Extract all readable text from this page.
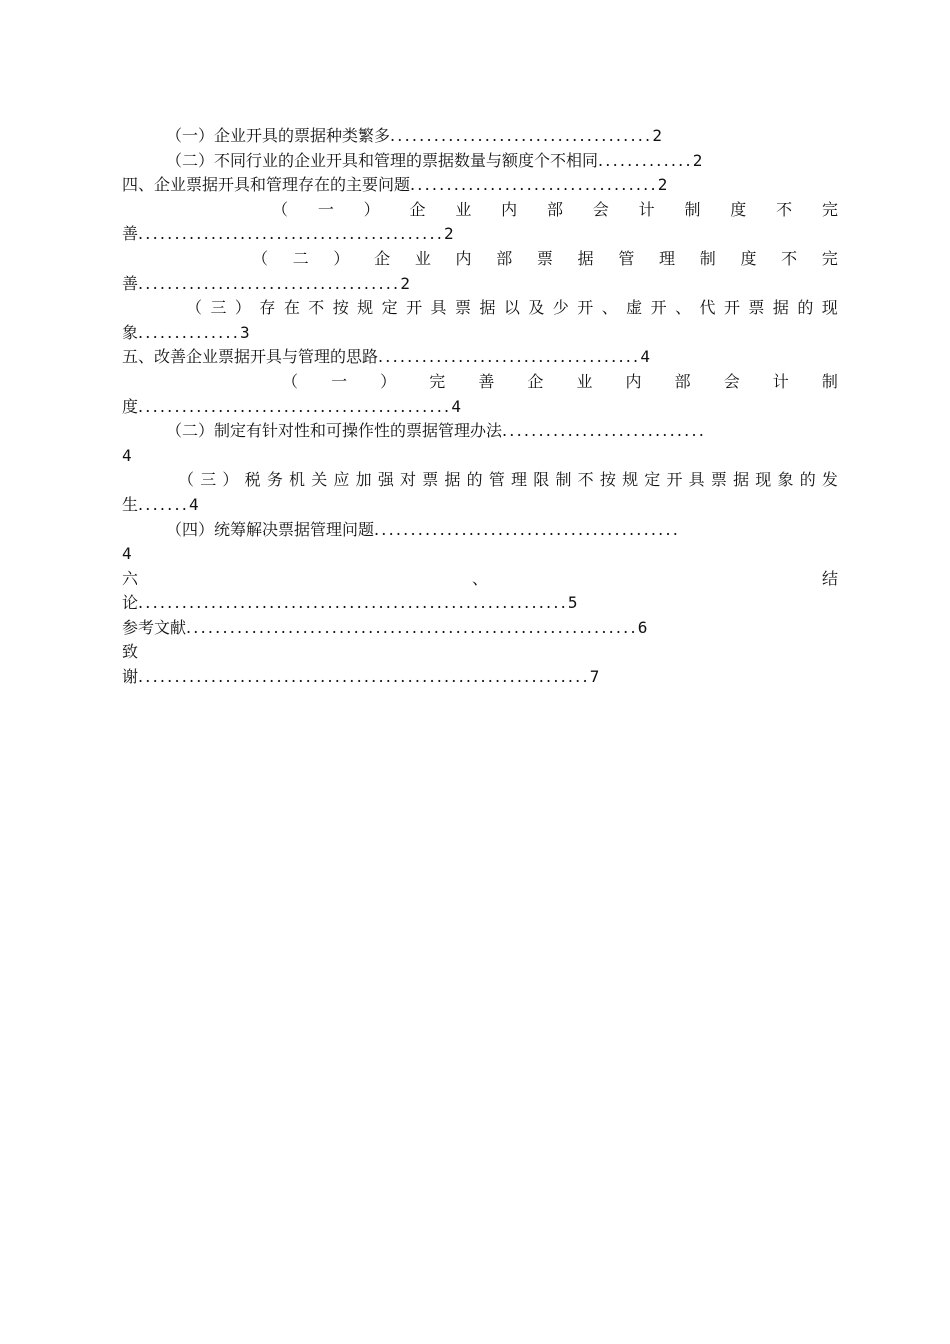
（一）企业开具的票据种类繁多....................................2
（二）不同行业的企业开具和管理的票据数量与额度个不相同.............2
四、企业票据开具和管理存在的主要问题..................................2
（ 一 ） 企 业 内 部 会 计 制 度 不 完
善..........................................2
（ 二 ） 企 业 内 部 票 据 管 理 制 度 不 完
善....................................2
（ 三 ） 存 在 不 按 规 定 开 具 票 据 以 及 少 开 、 虚 开 、 代 开 票 据 的 现
象..............3
五、改善企业票据开具与管理的思路....................................4
（ 一 ） 完 善 企 业 内 部 会 计 制
度...........................................4
（二）制定有针对性和可操作性的票据管理办法............................
4
（ 三 ） 税 务 机 关 应 加 强 对 票 据 的 管 理 限 制 不 按 规 定 开 具 票 据 现 象 的 发
生.......4
（四）统筹解决票据管理问题..........................................
4
六	、	结
论...........................................................5
参考文献..............................................................6
致
谢..............................................................7
